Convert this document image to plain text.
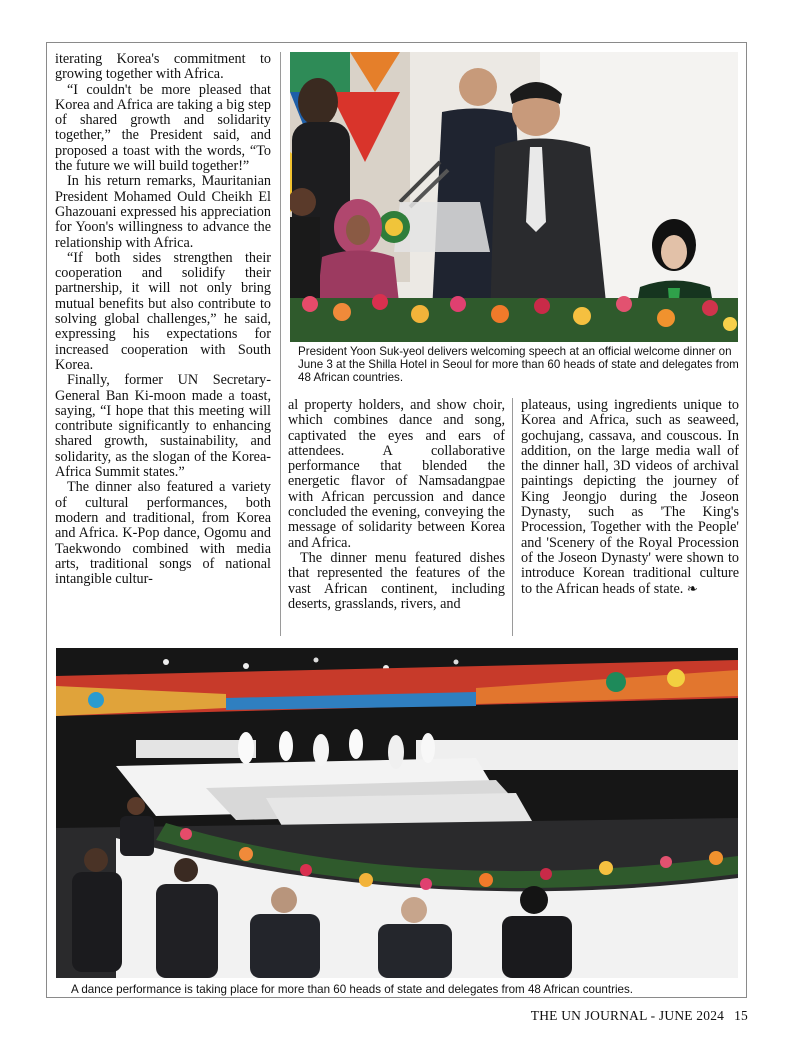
iterating Korea's commitment to growing together with Africa.

“I couldn't be more pleased that Korea and Africa are taking a big step of shared growth and solidarity together,” the President said, and proposed a toast with the words, “To the future we will build together!”

In his return remarks, Mauritanian President Mohamed Ould Cheikh El Ghazouani expressed his appreciation for Yoon's willingness to advance the relationship with Africa.

“If both sides strengthen their cooperation and solidify their partnership, it will not only bring mutual benefits but also contribute to solving global challenges,” he said, expressing his expectations for increased cooperation with South Korea.

Finally, former UN Secretary-General Ban Ki-moon made a toast, saying, “I hope that this meeting will contribute significantly to enhancing shared growth, sustainability, and solidarity, as the slogan of the Korea-Africa Summit states.”

The dinner also featured a variety of cultural performances, both modern and traditional, from Korea and Africa. K-Pop dance, Ogomu and Taekwondo combined with media arts, traditional songs of national intangible cultur-

President Yoon Suk-yeol delivers welcoming speech at an official welcome dinner on June 3 at the Shilla Hotel in Seoul for more than 60 heads of state and delegates from 48 African countries.

al property holders, and show choir, which combines dance and song, captivated the eyes and ears of attendees. A collaborative performance that blended the energetic flavor of Namsadangpae with African percussion and dance concluded the evening, conveying the message of solidarity between Korea and Africa.

The dinner menu featured dishes that represented the features of the vast African continent, including deserts, grasslands, rivers, and

plateaus, using ingredients unique to Korea and Africa, such as seaweed, gochujang, cassava, and couscous. In addition, on the large media wall of the dinner hall, 3D videos of archival paintings depicting the journey of King Jeongjo during the Joseon Dynasty, such as 'The King's Procession, Together with the People' and 'Scenery of the Royal Procession of the Joseon Dynasty' were shown to introduce Korean traditional culture to the African heads of state. ❧

A dance performance is taking place for more than 60 heads of state and delegates from 48 African countries.
THE UN JOURNAL - JUNE 2024 15
